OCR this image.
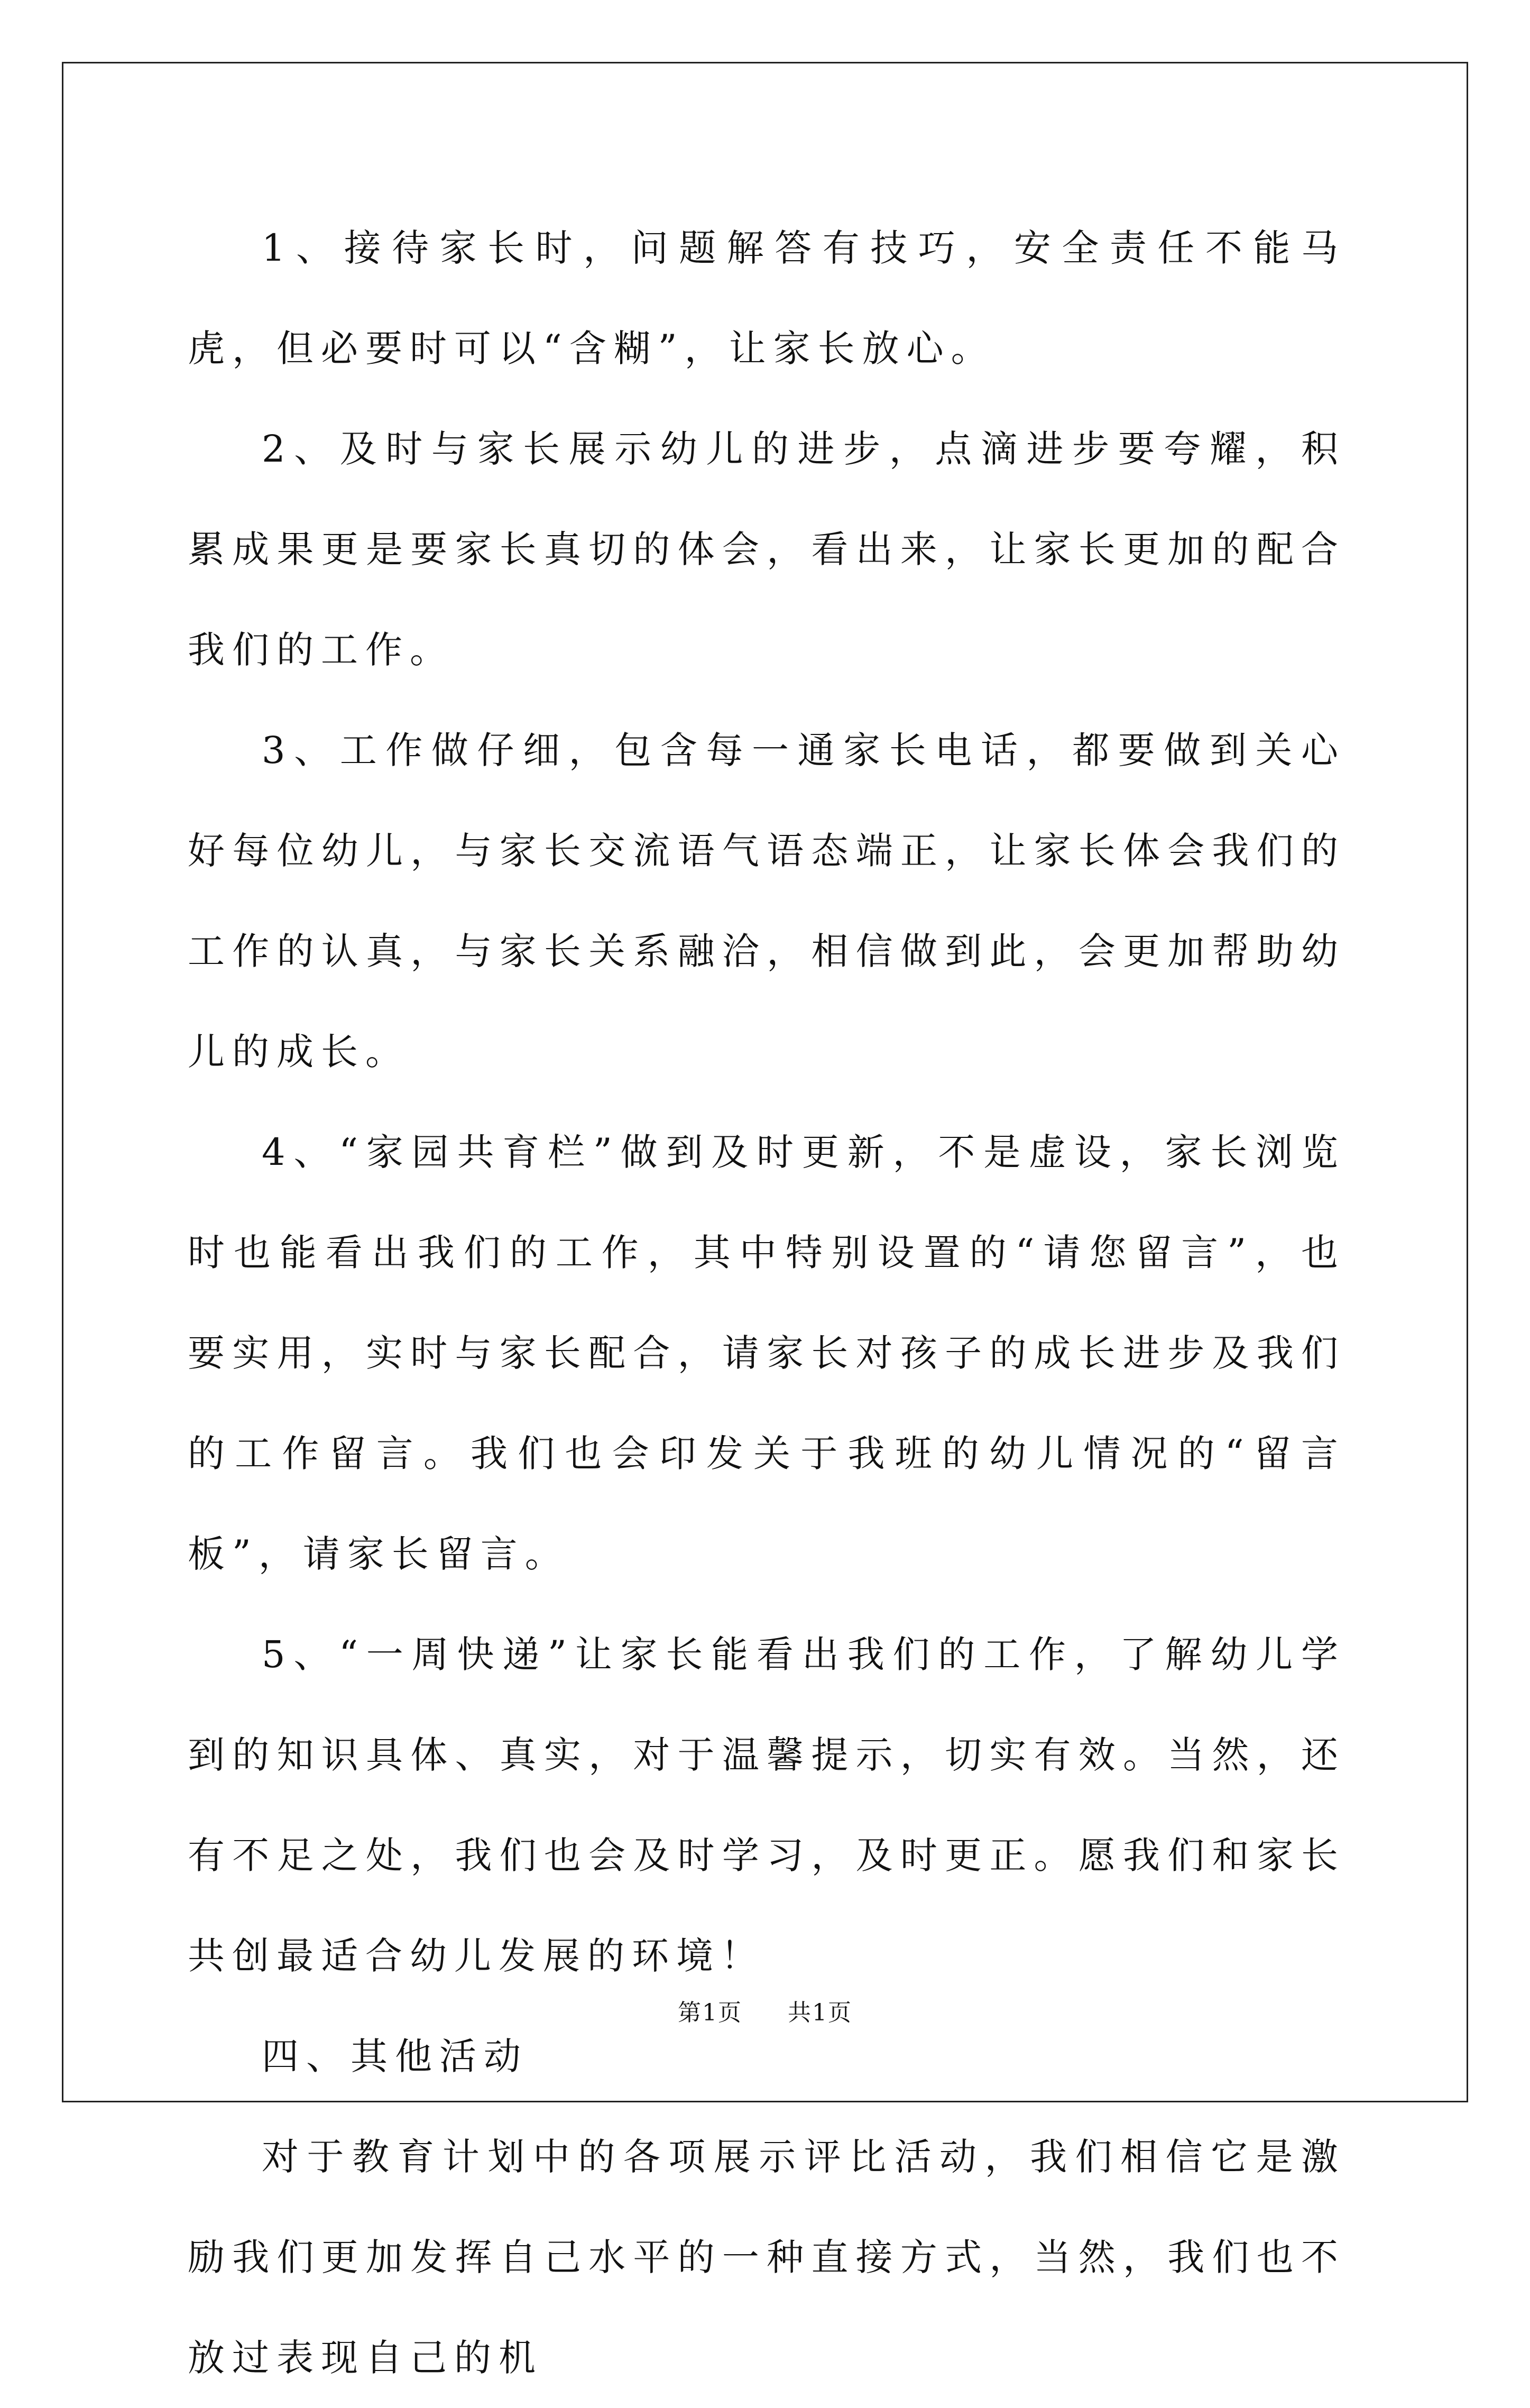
1、接待家长时，问题解答有技巧，安全责任不能马虎，但必要时可以“含糊”，让家长放心。

2、及时与家长展示幼儿的进步，点滴进步要夸耀，积累成果更是要家长真切的体会，看出来，让家长更加的配合我们的工作。

3、工作做仔细，包含每一通家长电话，都要做到关心好每位幼儿，与家长交流语气语态端正，让家长体会我们的工作的认真，与家长关系融洽，相信做到此，会更加帮助幼儿的成长。

4、“家园共育栏”做到及时更新，不是虚设，家长浏览时也能看出我们的工作，其中特别设置的“请您留言”，也要实用，实时与家长配合，请家长对孩子的成长进步及我们的工作留言。我们也会印发关于我班的幼儿情况的“留言板”，请家长留言。

5、“一周快递”让家长能看出我们的工作，了解幼儿学到的知识具体、真实，对于温馨提示，切实有效。当然，还有不足之处，我们也会及时学习，及时更正。愿我们和家长共创最适合幼儿发展的环境！

四、其他活动

对于教育计划中的各项展示评比活动，我们相信它是激励我们更加发挥自己水平的一种直接方式，当然，我们也不放过表现自己的机

第1页 共1页
